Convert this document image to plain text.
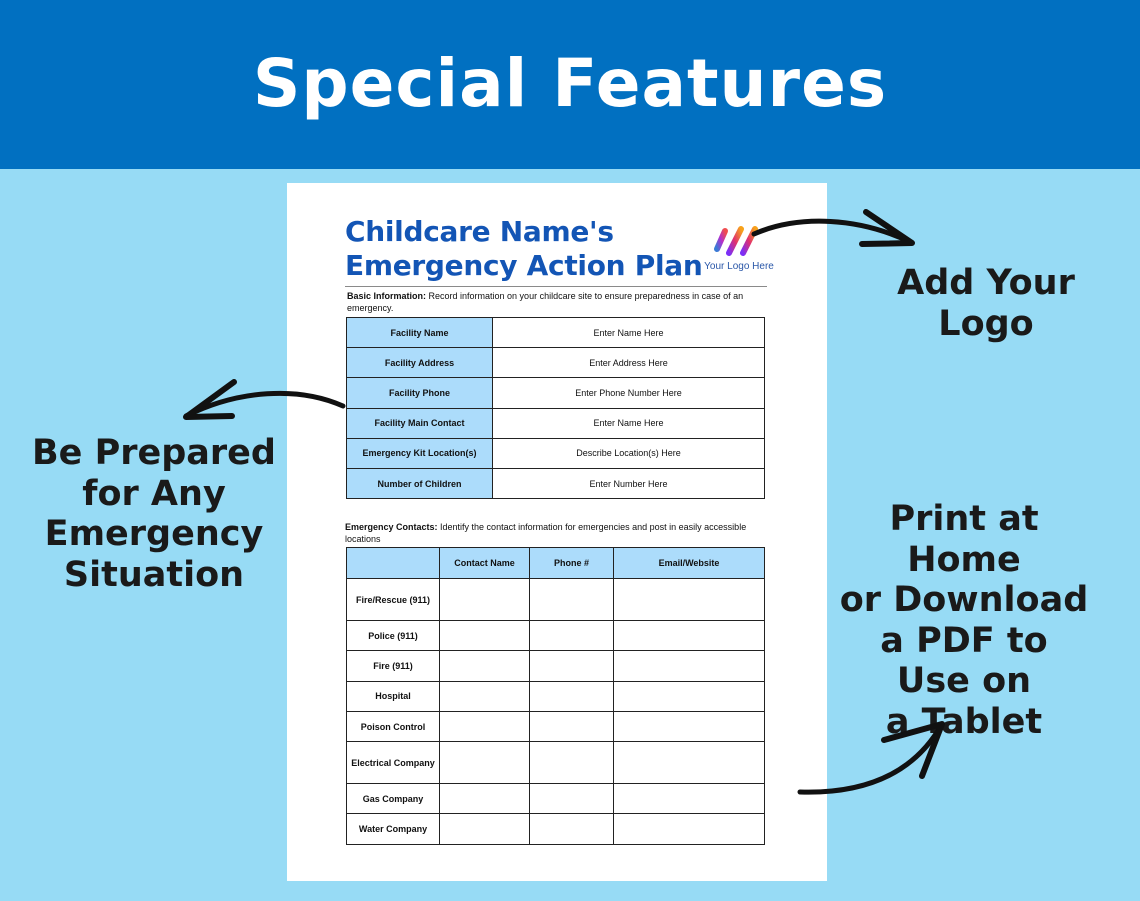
Special Features
Be Prepared
for Any
Emergency
Situation
Add Your
Logo
Print at Home
or Download
a PDF to
Use on
a Tablet
Childcare Name's
Emergency Action Plan Your Logo Here
Basic Information: Record information on your childcare site to ensure preparedness in case of an emergency.
Facility Name	Enter Name Here
Facility Address	Enter Address Here
Facility Phone	Enter Phone Number Here
Facility Main Contact	Enter Name Here
Emergency Kit Location(s)	Describe Location(s) Here
Number of Children	Enter Number Here
Emergency Contacts: Identify the contact information for emergencies and post in easily accessible locations
	Contact Name	Phone #	Email/Website
Fire/Rescue (911)			
Police (911)			
Fire (911)			
Hospital			
Poison Control			
Electrical Company			
Gas Company			
Water Company			
